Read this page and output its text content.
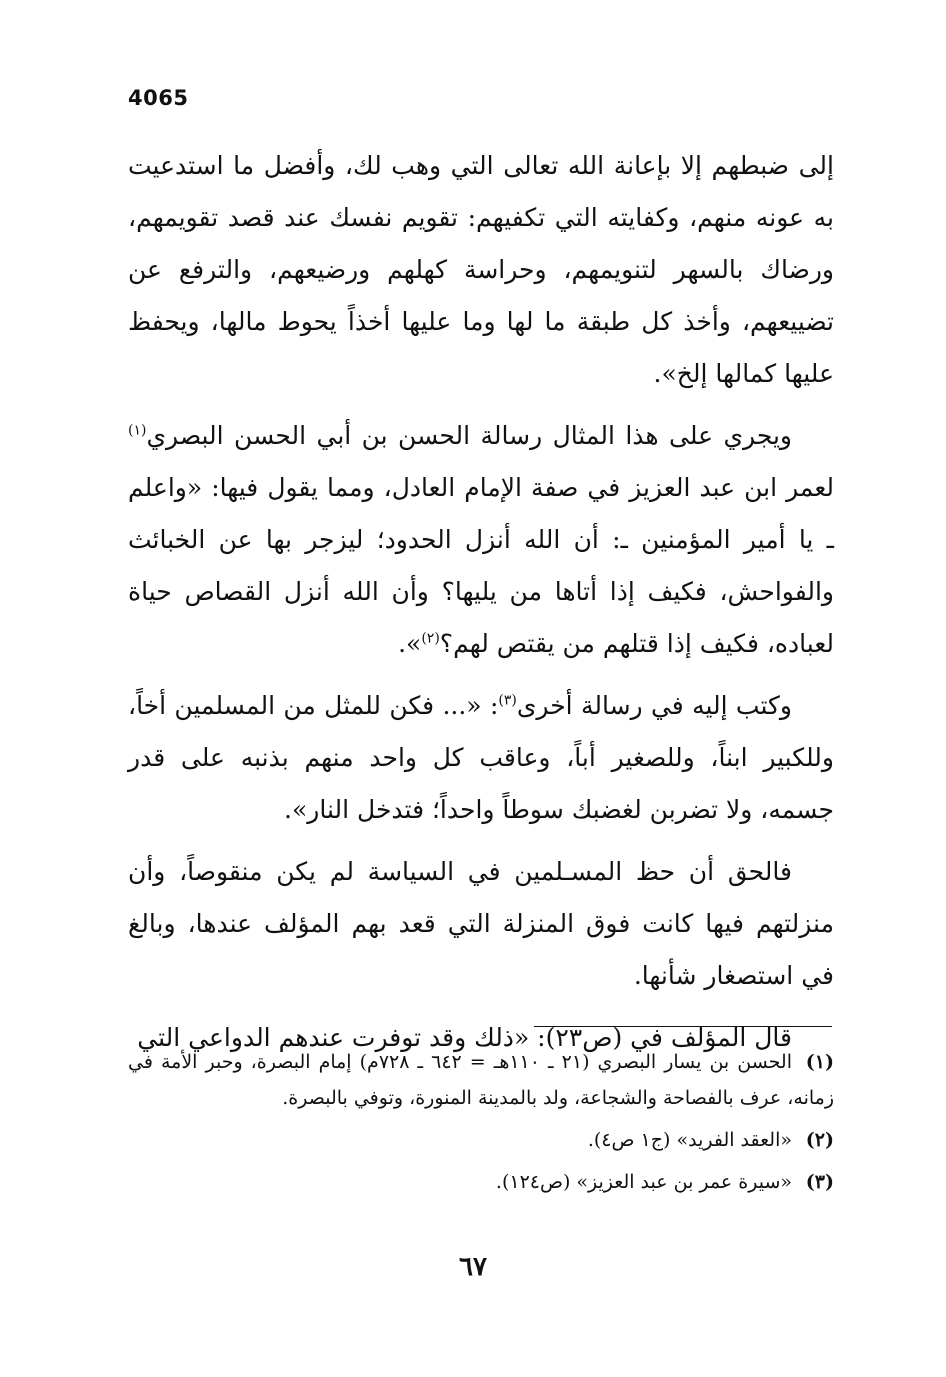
4065

إلى ضبطهم إلا بإعانة الله تعالى التي وهب لك، وأفضل ما استدعيت به عونه منهم، وكفايته التي تكفيهم: تقويم نفسك عند قصد تقويمهم، ورضاك بالسهر لتنويمهم، وحراسة كهلهم ورضيعهم، والترفع عن تضييعهم، وأخذ كل طبقة ما لها وما عليها أخذاً يحوط مالها، ويحفظ عليها كمالها إلخ».

ويجري على هذا المثال رسالة الحسن بن أبي الحسن البصري$^{(١)}$ لعمر ابن عبد العزيز في صفة الإمام العادل، ومما يقول فيها: «واعلم ـ يا أمير المؤمنين ـ: أن الله أنزل الحدود؛ ليزجر بها عن الخبائث والفواحش، فكيف إذا أتاها من يليها؟ وأن الله أنزل القصاص حياة لعباده، فكيف إذا قتلهم من يقتص لهم؟$^{(٢)}$».

وكتب إليه في رسالة أخرى$^{(٣)}$: «... فكن للمثل من المسلمين أخاً، وللكبير ابناً، وللصغير أباً، وعاقب كل واحد منهم بذنبه على قدر جسمه، ولا تضربن لغضبك سوطاً واحداً؛ فتدخل النار».

فالحق أن حظ المسـلمين في السياسة لم يكن منقوصاً، وأن منزلتهم فيها كانت فوق المنزلة التي قعد بهم المؤلف عندها، وبالغ في استصغار شأنها.

قال المؤلف في (ص٢٣): «ذلك وقد توفرت عندهم الدواعي التي

(١)الحسن بن يسار البصري (٢١ ـ ١١٠هـ = ٦٤٢ ـ ٧٢٨م) إمام البصرة، وحبر الأمة في زمانه، عرف بالفصاحة والشجاعة، ولد بالمدينة المنورة، وتوفي بالبصرة.

(٢)«العقد الفريد» (ج١ ص٤).

(٣)«سيرة عمر بن عبد العزيز» (ص١٢٤).

٦٧
